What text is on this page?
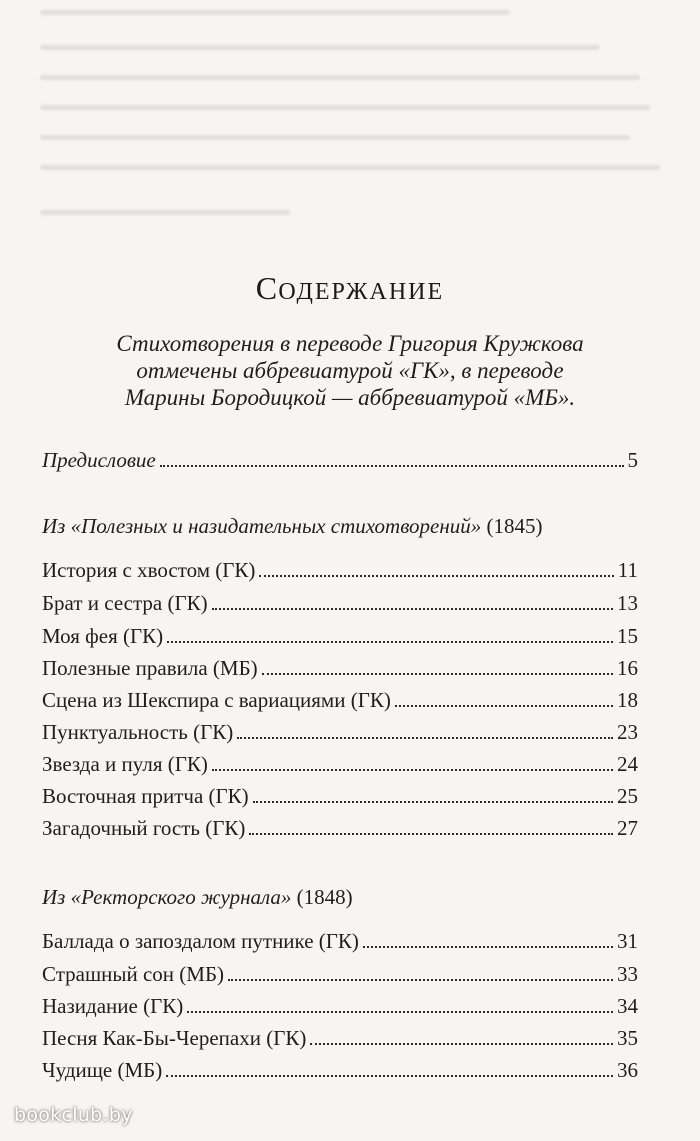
СОДЕРЖАНИЕ
Стихотворения в переводе Григория Кружкова
отмечены аббревиатурой «ГК», в переводе
Марины Бородицкой — аббревиатурой «МБ».
Предисловие	5
Из «Полезных и назидательных стихотворений» (1845)
История с хвостом (ГК)	11
Брат и сестра (ГК)	13
Моя фея (ГК)	15
Полезные правила (МБ)	16
Сцена из Шекспира с вариациями (ГК)	18
Пунктуальность (ГК)	23
Звезда и пуля (ГК)	24
Восточная притча (ГК)	25
Загадочный гость (ГК)	27
Из «Ректорского журнала» (1848)
Баллада о запоздалом путнике (ГК)	31
Страшный сон (МБ)	33
Назидание (ГК)	34
Песня Как-Бы-Черепахи (ГК)	35
Чудище (МБ)	36
bookclub.by
